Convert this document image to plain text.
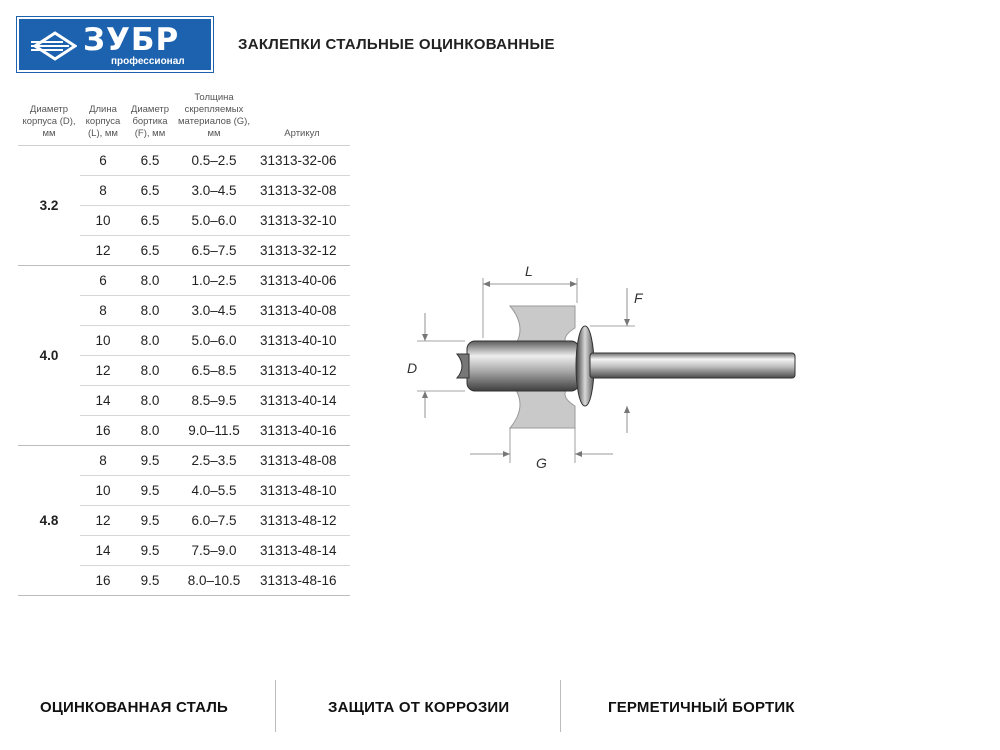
ЗУБР
профессионал
ЗАКЛЕПКИ СТАЛЬНЫЕ ОЦИНКОВАННЫЕ
Диаметр корпуса (D), мм	Длина корпуса (L), мм	Диаметр бортика (F), мм	Толщина скрепляемых материалов (G), мм	Артикул
3.2	6	6.5	0.5–2.5	31313-32-06
	8	6.5	3.0–4.5	31313-32-08
	10	6.5	5.0–6.0	31313-32-10
	12	6.5	6.5–7.5	31313-32-12
4.0	6	8.0	1.0–2.5	31313-40-06
	8	8.0	3.0–4.5	31313-40-08
	10	8.0	5.0–6.0	31313-40-10
	12	8.0	6.5–8.5	31313-40-12
	14	8.0	8.5–9.5	31313-40-14
	16	8.0	9.0–11.5	31313-40-16
4.8	8	9.5	2.5–3.5	31313-48-08
	10	9.5	4.0–5.5	31313-48-10
	12	9.5	6.0–7.5	31313-48-12
	14	9.5	7.5–9.0	31313-48-14
	16	9.5	8.0–10.5	31313-48-16
L
F
D
G
ОЦИНКОВАННАЯ СТАЛЬ	ЗАЩИТА ОТ КОРРОЗИИ	ГЕРМЕТИЧНЫЙ БОРТИК
